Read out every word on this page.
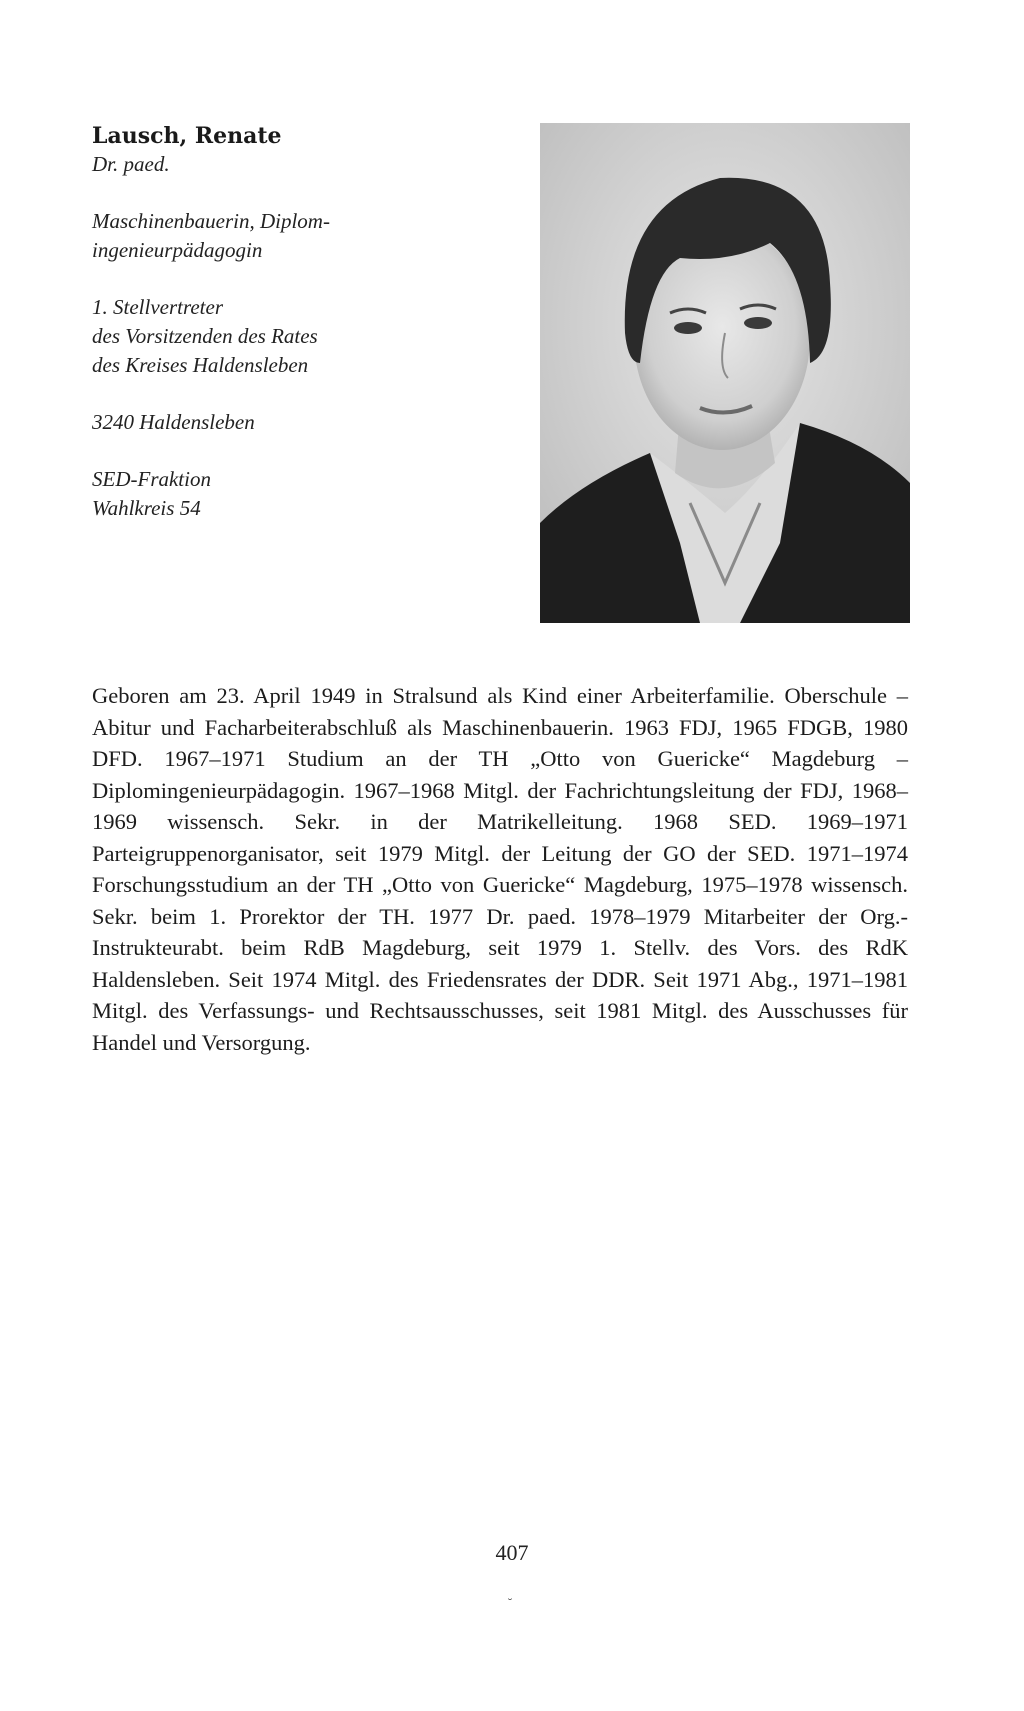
Lausch, Renate
Dr. paed.
Maschinenbauerin, Diplom-
ingenieurpädagogin
1. Stellvertreter
des Vorsitzenden des Rates
des Kreises Haldensleben
3240 Haldensleben
SED-Fraktion
Wahlkreis 54
Geboren am 23. April 1949 in Stralsund als Kind einer Arbeiterfamilie. Oberschule – Abitur und Facharbeiterabschluß als Maschinenbauerin. 1963 FDJ, 1965 FDGB, 1980 DFD. 1967–1971 Studium an der TH „Otto von Guericke“ Magdeburg – Diplomingenieurpädagogin. 1967–1968 Mitgl. der Fachrichtungsleitung der FDJ, 1968–1969 wissensch. Sekr. in der Matrikelleitung. 1968 SED. 1969–1971 Parteigruppenorganisator, seit 1979 Mitgl. der Leitung der GO der SED. 1971–1974 Forschungsstudium an der TH „Otto von Guericke“ Magdeburg, 1975–1978 wissensch. Sekr. beim 1. Prorektor der TH. 1977 Dr. paed. 1978–1979 Mitarbeiter der Org.-Instrukteurabt. beim RdB Magdeburg, seit 1979 1. Stellv. des Vors. des RdK Haldensleben. Seit 1974 Mitgl. des Friedensrates der DDR. Seit 1971 Abg., 1971–1981 Mitgl. des Verfassungs- und Rechtsausschusses, seit 1981 Mitgl. des Ausschusses für Handel und Versorgung.
407
˘
